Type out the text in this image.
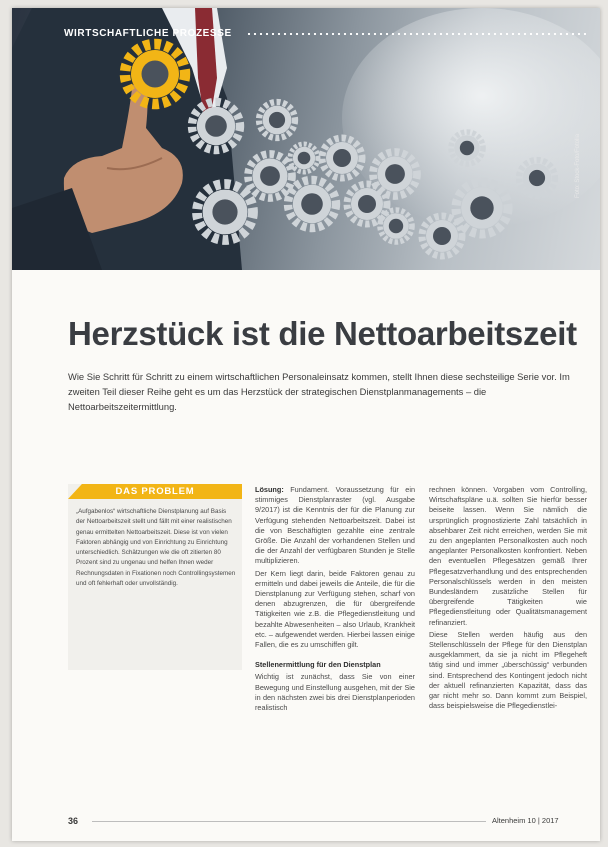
WIRTSCHAFTLICHE PROZESSE
Foto: Stock-Foto/Fotolia
Herzstück ist die Nettoarbeitszeit

Wie Sie Schritt für Schritt zu einem wirtschaftlichen Personaleinsatz kommen, stellt Ihnen diese sechsteilige Serie vor. Im zweiten Teil dieser Reihe geht es um das Herzstück der strategischen Dienstplanmanagements – die Nettoarbeitszeitermittlung.

DAS PROBLEM

„Aufgabenlos“ wirtschaftliche Dienstplanung auf Basis der Nettoarbeitszeit stellt und fällt mit einer realistischen genau ermittelten Nettoarbeitszeit. Diese ist von vielen Faktoren abhängig und von Einrichtung zu Einrichtung unterschiedlich. Schätzungen wie die oft zitierten 80 Prozent sind zu ungenau und helfen Ihnen weder Rechnungsdaten in Fixationen noch Controllingsystemen und oft fehlerhaft oder unvollständig.

Lösung: Fundament. Voraussetzung für ein stimmiges Dienstplanraster (vgl. Ausgabe 9/2017) ist die Kenntnis der für die Planung zur Verfügung stehenden Nettoarbeitszeit. Dabei ist die von Beschäftigten gezahlte eine zentrale Größe. Die Anzahl der vorhandenen Stellen und die der Anzahl der verfügbaren Stunden je Stelle multiplizieren.

Der Kern liegt darin, beide Faktoren genau zu ermitteln und dabei jeweils die Anteile, die für die Dienstplanung zur Verfügung stehen, scharf von denen abzugrenzen, die für übergreifende Tätigkeiten wie z.B. die Pflegedienstleitung und bezahlte Abwesenheiten – also Urlaub, Krankheit etc. – aufgewendet werden. Hierbei lassen einige Fallen, die es zu umschiffen gilt.

Stellenermittlung für den Dienstplan

Wichtig ist zunächst, dass Sie von einer Bewegung und Einstellung ausgehen, mit der Sie in den nächsten zwei bis drei Dienstplanperioden realistisch

rechnen können. Vorgaben vom Controlling, Wirtschaftspläne u.ä. sollten Sie hierfür besser beiseite lassen. Wenn Sie nämlich die ursprünglich prognostizierte Zahl tatsächlich in absehbarer Zeit nicht erreichen, werden Sie mit zu den angeplanten Personalkosten auch noch angeplanter Personalkosten konfrontiert. Neben den eventuellen Pflegesätzen gemäß Ihrer Pflegesatzverhandlung und des entsprechenden Personalschlüssels werden in den meisten Bundesländern zusätzliche Stellen für übergreifende Tätigkeiten wie Pflegedienstleitung oder Qualitätsmanagement refinanziert.

Diese Stellen werden häufig aus den Stellenschlüsseln der Pflege für den Dienstplan ausgeklammert, da sie ja nicht im Pflegeheft tätig sind und immer „überschüssig“ verbunden sind. Entsprechend des Kontingent jedoch nicht der aktuell refinanzierten Kapazität, dass das gar nicht mehr so. Dann kommt zum Beispiel, dass beispielsweise die Pflegedienstlei-

36	Altenheim 10 | 2017
